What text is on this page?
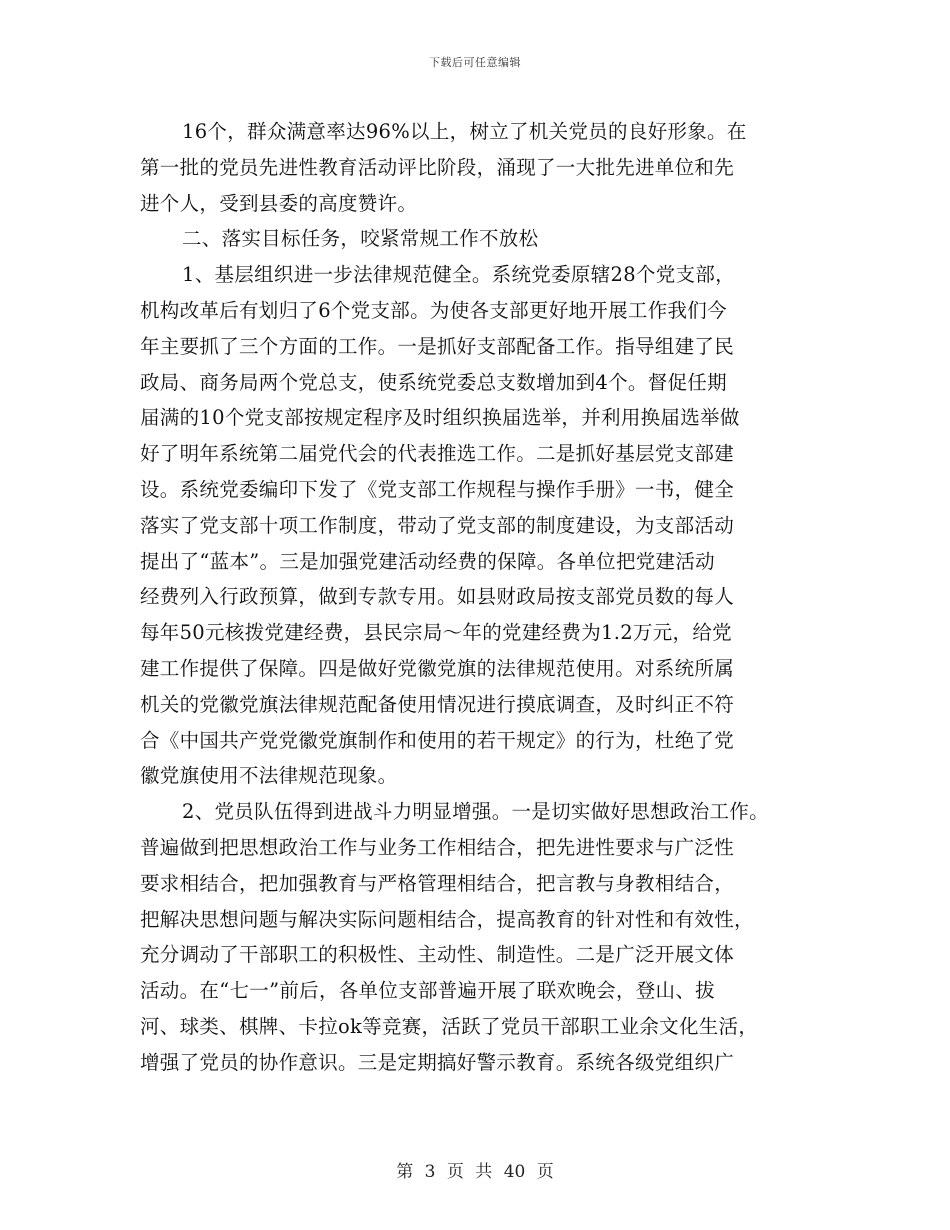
下载后可任意编辑
16个，群众满意率达96%以上，树立了机关党员的良好形象。在
第一批的党员先进性教育活动评比阶段，涌现了一大批先进单位和先
进个人，受到县委的高度赞许。
二、落实目标任务，咬紧常规工作不放松
1、基层组织进一步法律规范健全。系统党委原辖28个党支部，
机构改革后有划归了6个党支部。为使各支部更好地开展工作我们今
年主要抓了三个方面的工作。一是抓好支部配备工作。指导组建了民
政局、商务局两个党总支，使系统党委总支数增加到4个。督促任期
届满的10个党支部按规定程序及时组织换届选举，并利用换届选举做
好了明年系统第二届党代会的代表推选工作。二是抓好基层党支部建
设。系统党委编印下发了《党支部工作规程与操作手册》一书，健全
落实了党支部十项工作制度，带动了党支部的制度建设，为支部活动
提出了“蓝本”。三是加强党建活动经费的保障。各单位把党建活动
经费列入行政预算，做到专款专用。如县财政局按支部党员数的每人
每年50元核拨党建经费，县民宗局～年的党建经费为1.2万元，给党
建工作提供了保障。四是做好党徽党旗的法律规范使用。对系统所属
机关的党徽党旗法律规范配备使用情况进行摸底调查，及时纠正不符
合《中国共产党党徽党旗制作和使用的若干规定》的行为，杜绝了党
徽党旗使用不法律规范现象。
2、党员队伍得到进战斗力明显增强。一是切实做好思想政治工作。
普遍做到把思想政治工作与业务工作相结合，把先进性要求与广泛性
要求相结合，把加强教育与严格管理相结合，把言教与身教相结合，
把解决思想问题与解决实际问题相结合，提高教育的针对性和有效性，
充分调动了干部职工的积极性、主动性、制造性。二是广泛开展文体
活动。在“七一”前后，各单位支部普遍开展了联欢晚会，登山、拔
河、球类、棋牌、卡拉ok等竞赛，活跃了党员干部职工业余文化生活，
增强了党员的协作意识。三是定期搞好警示教育。系统各级党组织广
第 3 页 共 40 页
